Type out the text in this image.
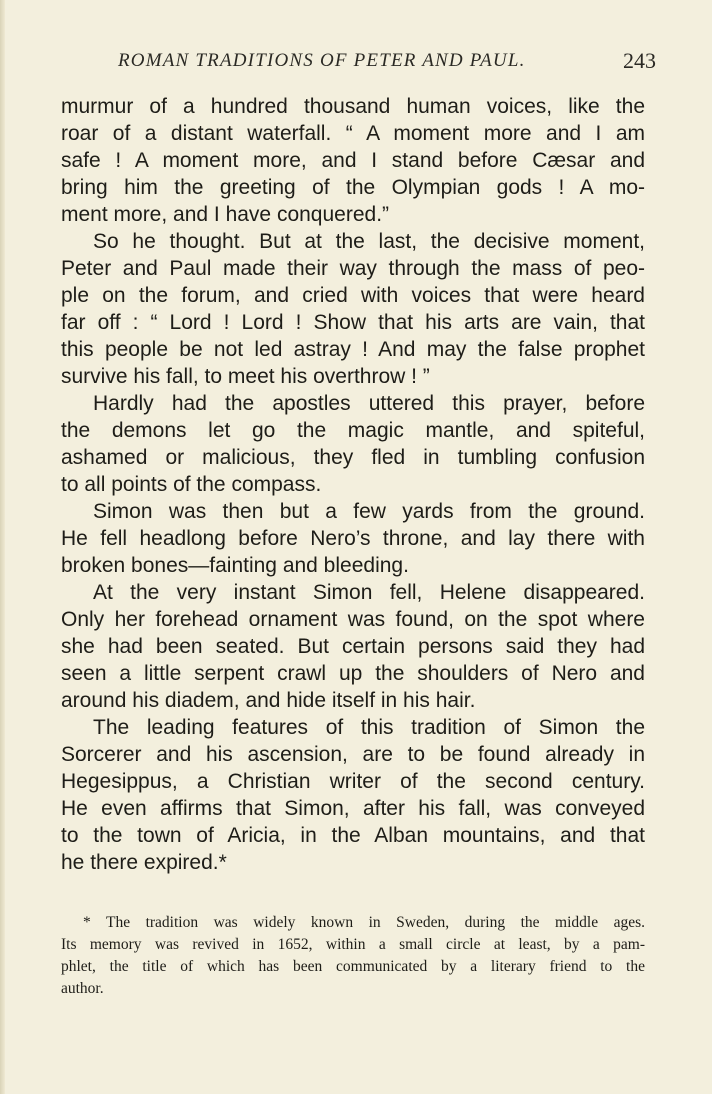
ROMAN TRADITIONS OF PETER AND PAUL.	243
murmur of a hundred thousand human voices, like the
roar of a distant waterfall. “ A moment more and I am
safe ! A moment more, and I stand before Cæsar and
bring him the greeting of the Olympian gods ! A mo-
ment more, and I have conquered.”
So he thought. But at the last, the decisive moment,
Peter and Paul made their way through the mass of peo-
ple on the forum, and cried with voices that were heard
far off : “ Lord ! Lord ! Show that his arts are vain, that
this people be not led astray ! And may the false prophet
survive his fall, to meet his overthrow ! ”
Hardly had the apostles uttered this prayer, before
the demons let go the magic mantle, and spiteful,
ashamed or malicious, they fled in tumbling confusion
to all points of the compass.
Simon was then but a few yards from the ground.
He fell headlong before Nero’s throne, and lay there with
broken bones—fainting and bleeding.
At the very instant Simon fell, Helene disappeared.
Only her forehead ornament was found, on the spot where
she had been seated. But certain persons said they had
seen a little serpent crawl up the shoulders of Nero and
around his diadem, and hide itself in his hair.
The leading features of this tradition of Simon the
Sorcerer and his ascension, are to be found already in
Hegesippus, a Christian writer of the second century.
He even affirms that Simon, after his fall, was conveyed
to the town of Aricia, in the Alban mountains, and that
he there expired.*
* The tradition was widely known in Sweden, during the middle ages.
Its memory was revived in 1652, within a small circle at least, by a pam-
phlet, the title of which has been communicated by a literary friend to the
author.
